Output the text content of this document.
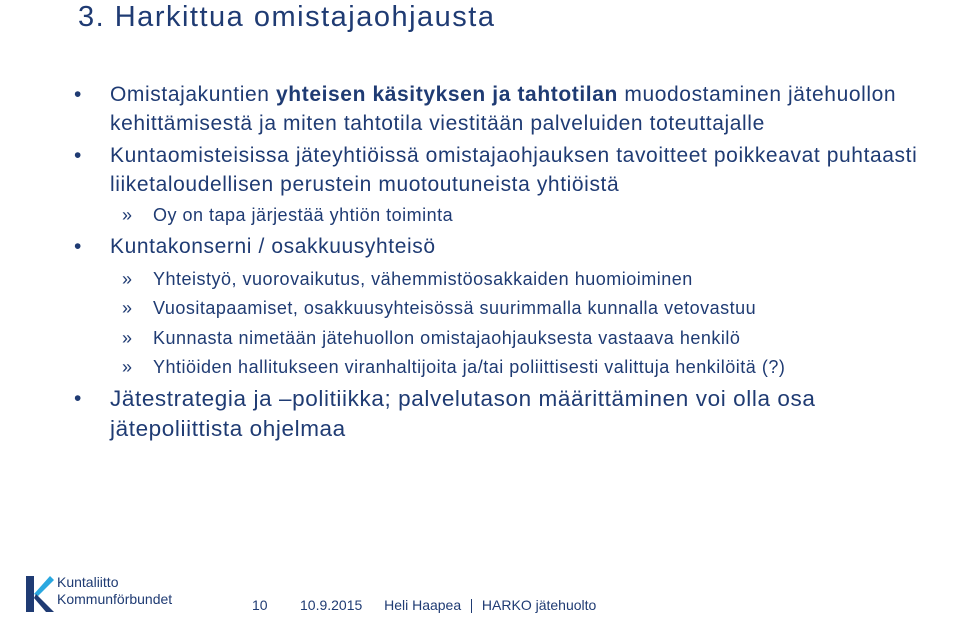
3. Harkittua omistajaohjausta

• Omistajakuntien yhteisen käsityksen ja tahtotilan muodostaminen jätehuollon kehittämisestä ja miten tahtotila viestitään palveluiden toteuttajalle

• Kuntaomisteisissa jäteyhtiöissä omistajaohjauksen tavoitteet poikkeavat puhtaasti liiketaloudellisen perustein muotoutuneista yhtiöistä

» Oy on tapa järjestää yhtiön toiminta

• Kuntakonserni / osakkuusyhteisö

» Yhteistyö, vuorovaikutus, vähemmistöosakkaiden huomioiminen

» Vuositapaamiset, osakkuusyhteisössä suurimmalla kunnalla vetovastuu

» Kunnasta nimetään jätehuollon omistajaohjauksesta vastaava henkilö

» Yhtiöiden hallitukseen viranhaltijoita ja/tai poliittisesti valittuja henkilöitä (?)

• Jätestrategia ja –politiikka; palvelutason määrittäminen voi olla osa jätepoliittista ohjelmaa

Kuntaliitto
Kommunförbundet	10 10.9.2015 Heli Haapea HARKO jätehuolto
